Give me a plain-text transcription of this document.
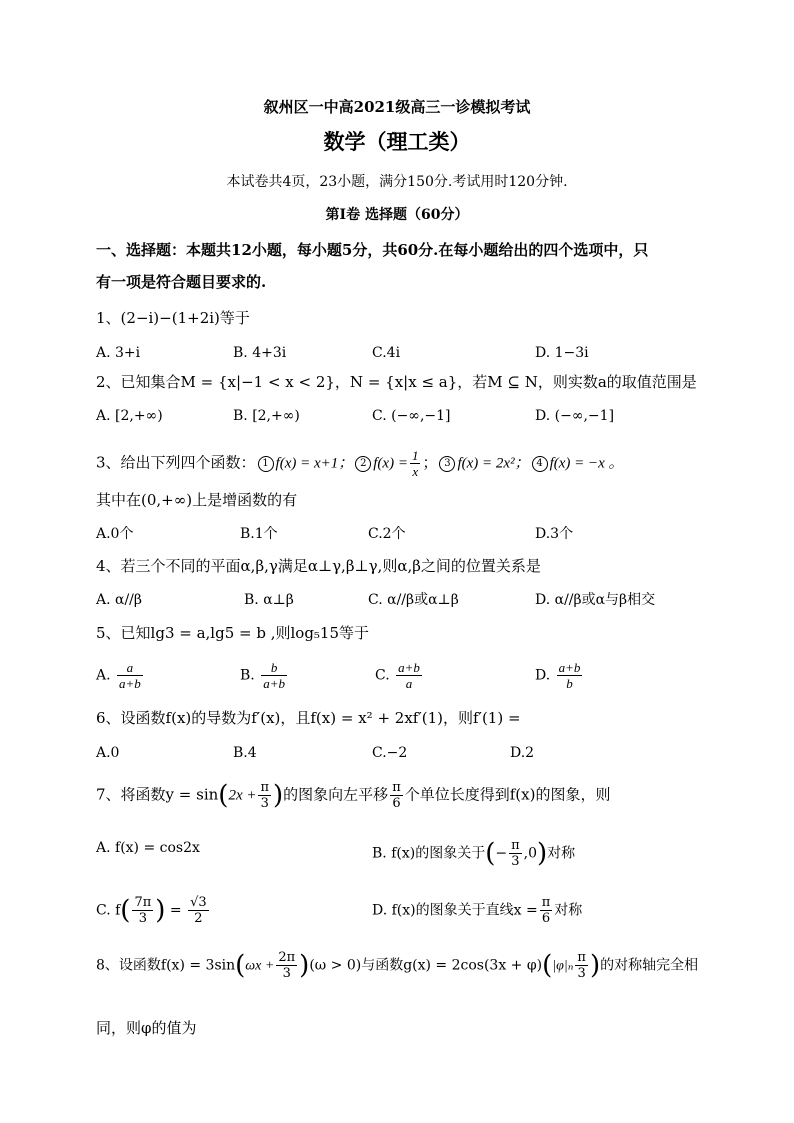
叙州区一中高2021级高三一诊模拟考试
数学（理工类）
本试卷共4页，23小题，满分150分.考试用时120分钟.
第I卷 选择题（60分）
一、选择题：本题共12小题，每小题5分，共60分.在每小题给出的四个选项中，只
有一项是符合题目要求的.
1、(2−i)−(1+2i)等于
A. 3+i	B. 4+3i	C.4i	D. 1−3i
2、已知集合M = {x|−1 < x < 2}，N = {x|x ≤ a}，若M ⊆ N，则实数a的取值范围是
A. [2,+∞)	B. [2,+∞)	C. (−∞,−1]	D. (−∞,−1]
3、给出下列四个函数： 1 f(x) = x+1； 2 $f(x) = \frac{1}{x}$ ； 3 f(x) = 2x²； 4 f(x) = −x 。
其中在(0,+∞)上是增函数的有
A.0个	B.1个	C.2个	D.3个
4、若三个不同的平面α,β,γ满足α⊥γ,β⊥γ,则α,β之间的位置关系是
A. α//β	B. α⊥β	C. α//β或α⊥β	D. α//β或α与β相交
5、已知lg3 = a,lg5 = b ,则log₅15等于
A. $\frac{a}{a+b}$	B. $\frac{b}{a+b}$	C. $\frac{a+b}{a}$	D. $\frac{a+b}{b}$
6、设函数f(x)的导数为f′(x)，且f(x) = x² + 2xf′(1)，则f′(1) =
A.0	B.4	C.−2	D.2
7、将函数$y = \sin(2x + \frac{\pi}{3}$ )的图象向左平移 $\frac{\pi}{6}$ 个单位长度得到f(x)的图象，则
A. f(x) = cos2x	B. f(x)的图象关于(− $\frac{\pi}{3} ,0$)对称
C. $f( \frac{7\pi}{3}$ ) = $\frac{√3}{2}$	D. f(x)的图象关于直线$x = \frac{\pi}{6}$ 对称
8、设函数$f(x) = 3\sin(\omega x + \frac{2\pi}{3} )(\omega > 0)$与函数$g(x) = 2\cos(3x + \varphi)(|\varphi|_n \frac{\pi}{3}$ )的对称轴完全相
同，则φ的值为
